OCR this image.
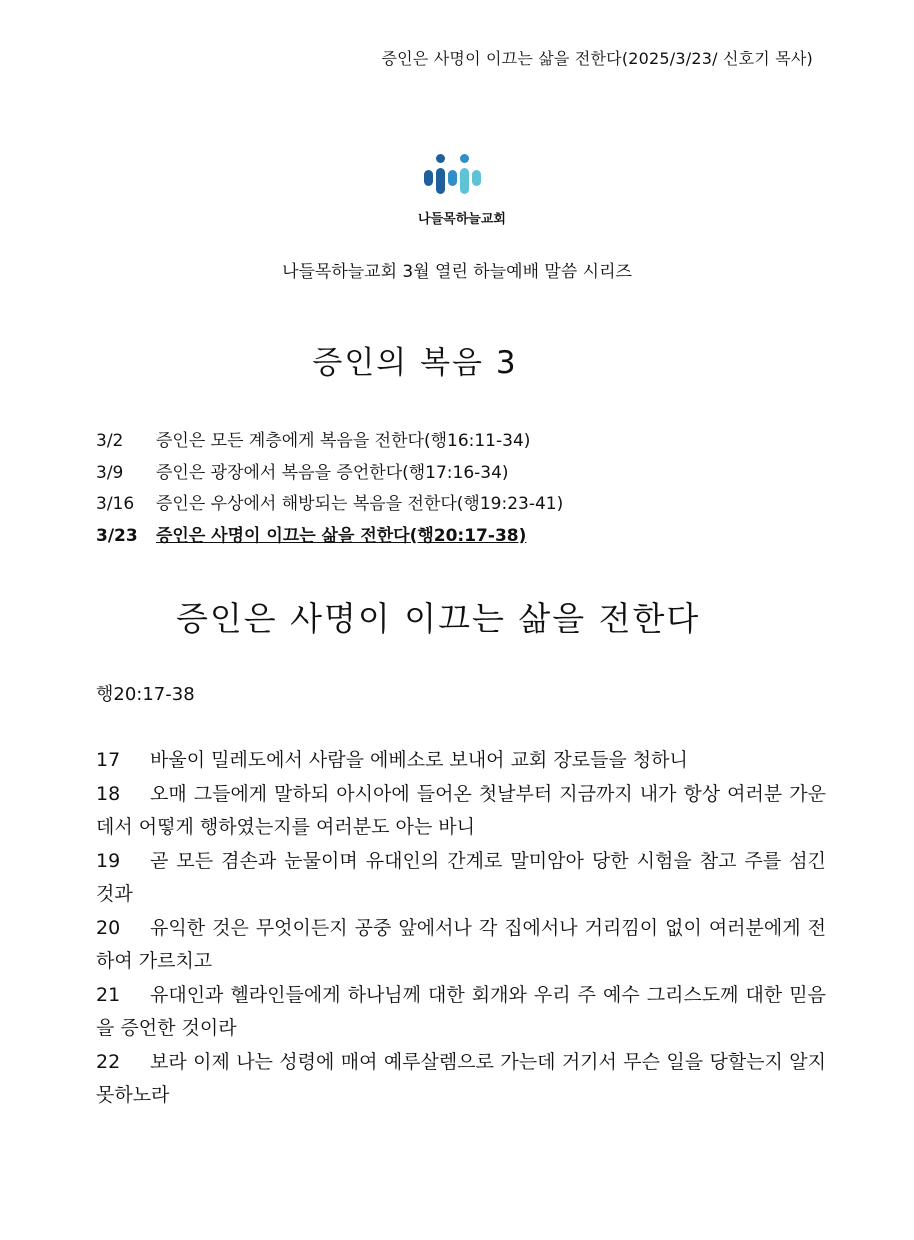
증인은 사명이 이끄는 삶을 전한다(2025/3/23/ 신호기 목사)
나들목하늘교회
나들목하늘교회 3월 열린 하늘예배 말씀 시리즈
증인의 복음 3
3/2 증인은 모든 계층에게 복음을 전한다(행16:11-34)
3/9 증인은 광장에서 복음을 증언한다(행17:16-34)
3/16 증인은 우상에서 해방되는 복음을 전한다(행19:23-41)
3/23 증인은 사명이 이끄는 삶을 전한다(행20:17-38)
증인은 사명이 이끄는 삶을 전한다
행20:17-38
17 바울이 밀레도에서 사람을 에베소로 보내어 교회 장로들을 청하니
18 오매 그들에게 말하되 아시아에 들어온 첫날부터 지금까지 내가 항상 여러분 가운데서 어떻게 행하였는지를 여러분도 아는 바니
19 곧 모든 겸손과 눈물이며 유대인의 간계로 말미암아 당한 시험을 참고 주를 섬긴 것과
20 유익한 것은 무엇이든지 공중 앞에서나 각 집에서나 거리낌이 없이 여러분에게 전하여 가르치고
21 유대인과 헬라인들에게 하나님께 대한 회개와 우리 주 예수 그리스도께 대한 믿음을 증언한 것이라
22 보라 이제 나는 성령에 매여 예루살렘으로 가는데 거기서 무슨 일을 당할는지 알지 못하노라
